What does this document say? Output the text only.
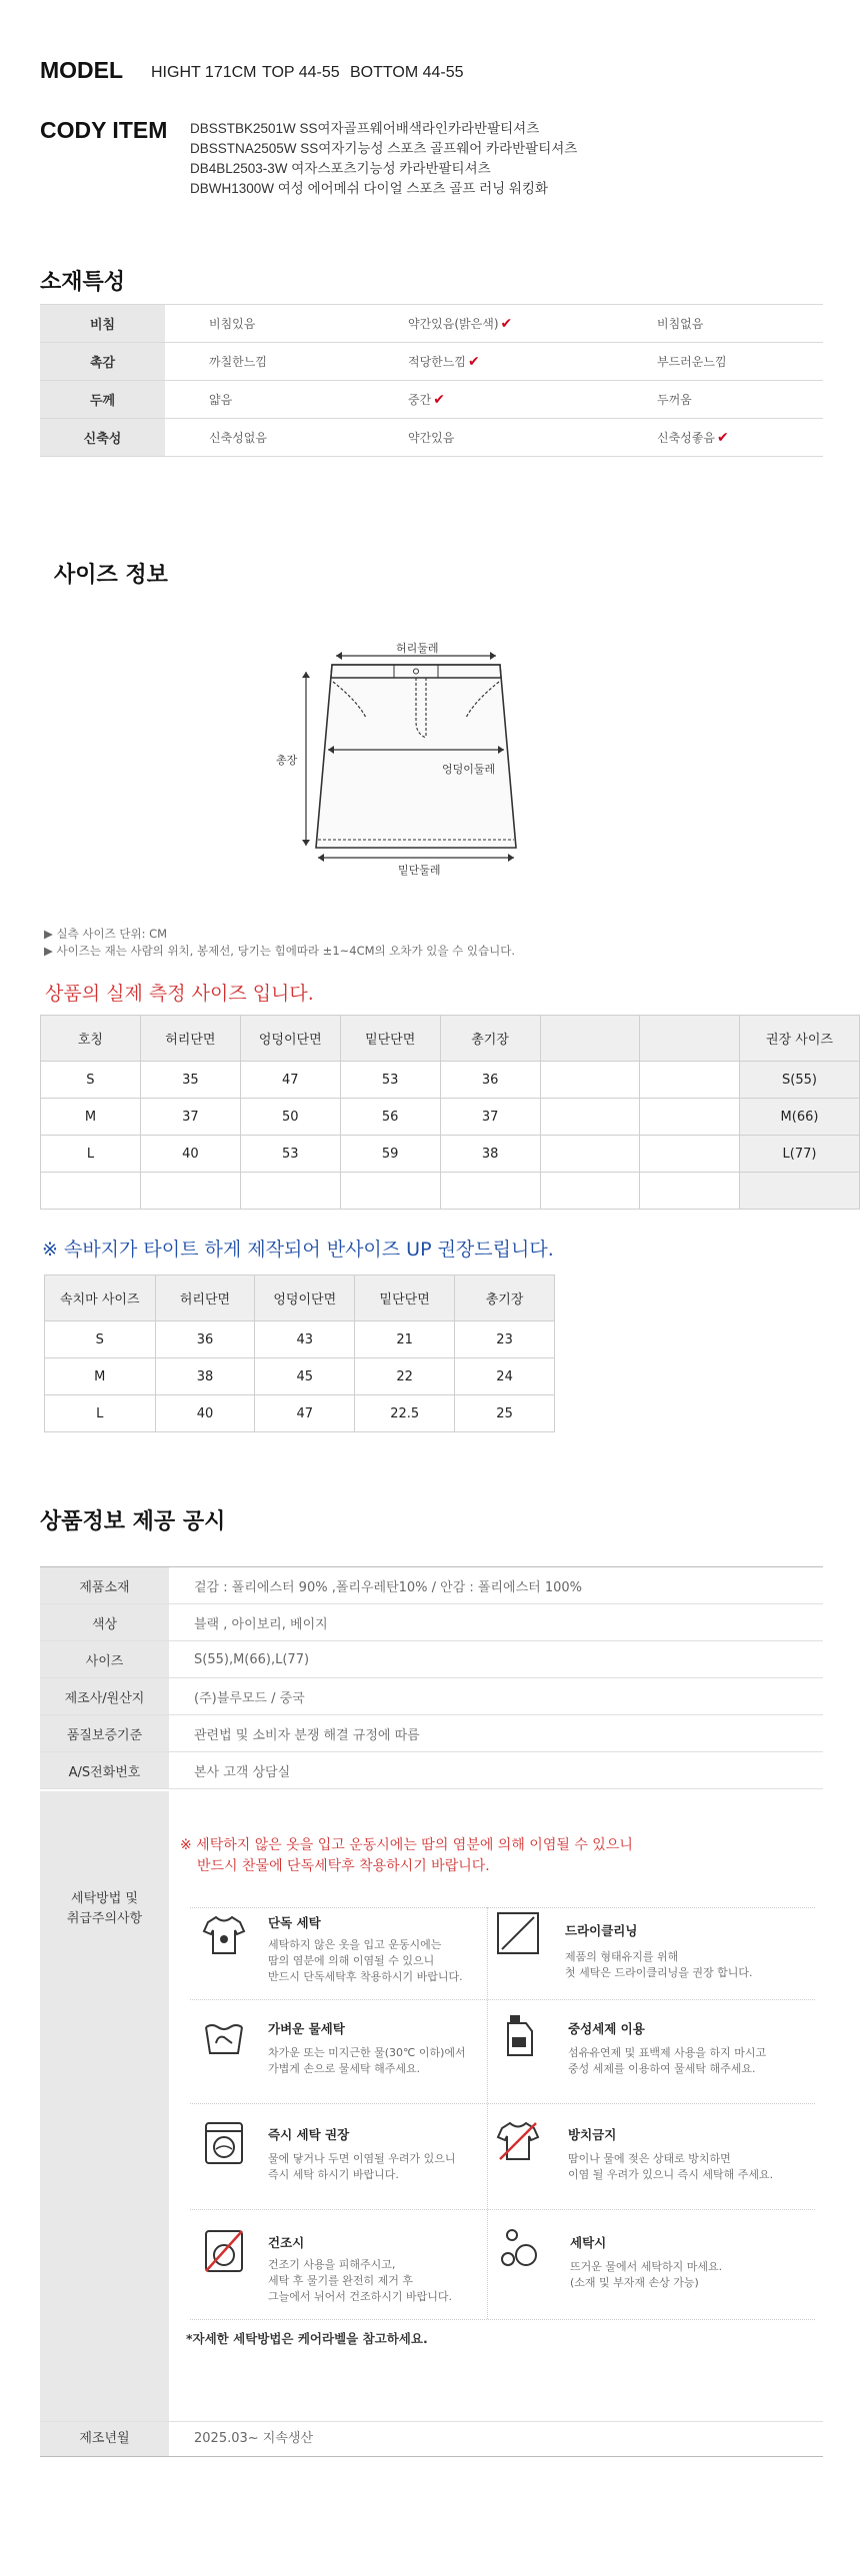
MODEL HIGHT 171CM TOP 44-55 BOTTOM 44-55
CODY ITEM DBSSTBK2501W SS여자골프웨어배색라인카라반팔티셔츠
DBSSTNA2505W SS여자기능성 스포츠 골프웨어 카라반팔티셔츠
DB4BL2503-3W 여자스포츠기능성 카라반팔티셔츠
DBWH1300W 여성 에어메쉬 다이얼 스포츠 골프 러닝 워킹화
소재특성
비침	비침있음	약간있음(밝은색) ✔	비침없음
촉감	까칠한느낌	적당한느낌 ✔	부드러운느낌
두께	얇음	중간 ✔	두꺼움
신축성	신축성없음	약간있음	신축성좋음 ✔
사이즈 정보
허리둘레
총장
엉덩이둘레
밑단둘레
▶ 실측 사이즈 단위: CM
▶ 사이즈는 재는 사람의 위치, 봉제선, 당기는 힘에따라 ±1~4CM의 오차가 있을 수 있습니다.
상품의 실제 측정 사이즈 입니다.
호칭	허리단면	엉덩이단면	밑단단면	총기장			권장 사이즈
S	35	47	53	36			S(55)
M	37	50	56	37			M(66)
L	40	53	59	38			L(77)

※ 속바지가 타이트 하게 제작되어 반사이즈 UP 권장드립니다.
속치마 사이즈	허리단면	엉덩이단면	밑단단면	총기장
S	36	43	21	23
M	38	45	22	24
L	40	47	22.5	25
상품정보 제공 공시
제품소재	겉감 : 폴리에스터 90% ,폴리우레탄10% / 안감 : 폴리에스터 100%
색상	블랙 , 아이보리, 베이지
사이즈	S(55),M(66),L(77)
제조사/원산지	(주)블루모드 / 중국
품질보증기준	관련법 및 소비자 분쟁 해결 규정에 따름
A/S전화번호	본사 고객 상담실
세탁방법 및
취급주의사항
※ 세탁하지 않은 옷을 입고 운동시에는 땀의 염분에 의해 이염될 수 있으니
반드시 찬물에 단독세탁후 착용하시기 바랍니다.
단독 세탁
세탁하지 않은 옷을 입고 운동시에는
땀의 염분에 의해 이염될 수 있으니
반드시 단독세탁후 착용하시기 바랍니다.
드라이클리닝
제품의 형태유지를 위해
첫 세탁은 드라이클리닝을 권장 합니다.
가벼운 물세탁
차가운 또는 미지근한 물(30℃ 이하)에서
가볍게 손으로 물세탁 해주세요.
중성세제 이용
섬유유연제 및 표백제 사용을 하지 마시고
중성 세제를 이용하여 물세탁 해주세요.
즉시 세탁 권장
물에 닿거나 두면 이염될 우려가 있으니
즉시 세탁 하시기 바랍니다.
방치금지
땀이나 물에 젖은 상태로 방치하면
이염 될 우려가 있으니 즉시 세탁해 주세요.
건조시
건조기 사용을 피해주시고,
세탁 후 물기를 완전히 제거 후
그늘에서 뉘어서 건조하시기 바랍니다.
세탁시
뜨거운 물에서 세탁하지 마세요.
(소재 및 부자재 손상 가능)
*자세한 세탁방법은 케어라벨을 참고하세요.
제조년월	2025.03~ 지속생산
